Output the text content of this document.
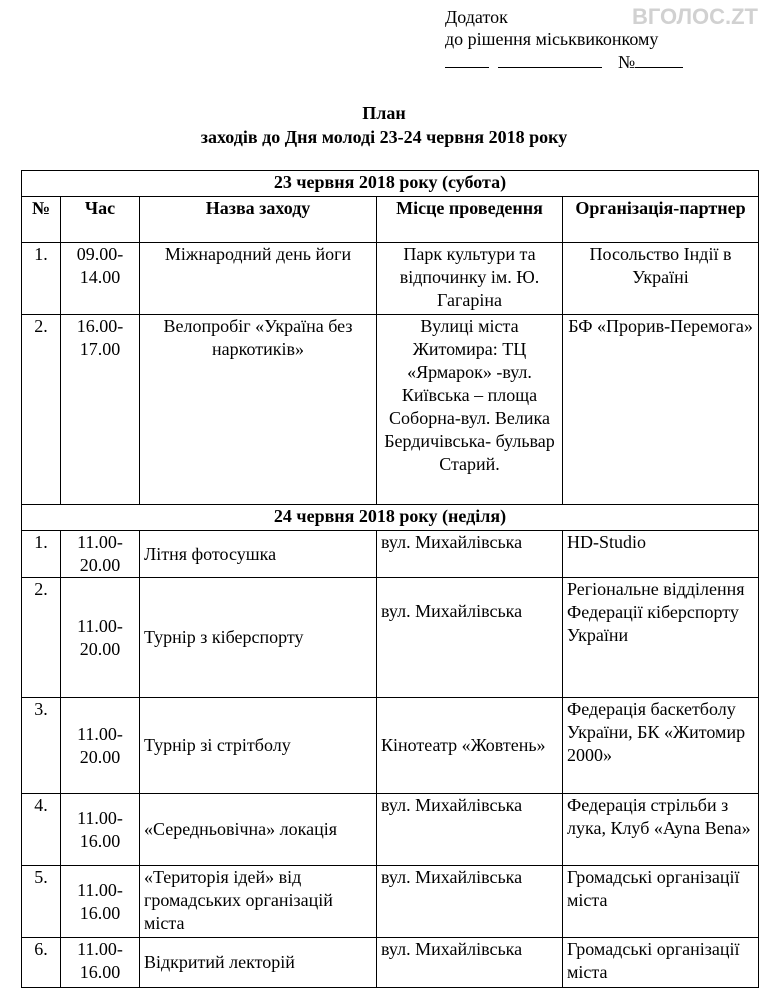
Додаток
до рішення міськвиконкому
№
ВГОЛОС.ZT
План
заходів до Дня молоді 23-24 червня 2018 року
23 червня 2018 року (субота)				
№	Час	Назва заходу	Місце проведення	Організація-партнер
1.	09.00-14.00	Міжнародний день йоги	Парк культури та відпочинку ім. Ю. Гагаріна	Посольство Індії в Україні
2.	16.00-17.00	Велопробіг «Україна без наркотиків»	Вулиці міста Житомира: ТЦ «Ярмарок» -вул. Київська – площа Соборна-вул. Велика Бердичівська- бульвар Старий.	БФ «Прорив-Перемога»
24 червня 2018 року (неділя)				
1.	11.00-20.00	Літня фотосушка	вул. Михайлівська	HD-Studio
2.	11.00-20.00	Турнір з кіберспорту	вул. Михайлівська	Регіональне відділення Федерації кіберспорту України
3.	11.00-20.00	Турнір зі стрітболу	Кінотеатр «Жовтень»	Федерація баскетболу України, БК «Житомир 2000»
4.	11.00-16.00	«Середньовічна» локація	вул. Михайлівська	Федерація стрільби з лука, Клуб «Ayna Bena»
5.	11.00-16.00	«Територія ідей» від громадських організацій міста	вул. Михайлівська	Громадські організації міста
6.	11.00-16.00	Відкритий лекторій	вул. Михайлівська	Громадські організації міста
